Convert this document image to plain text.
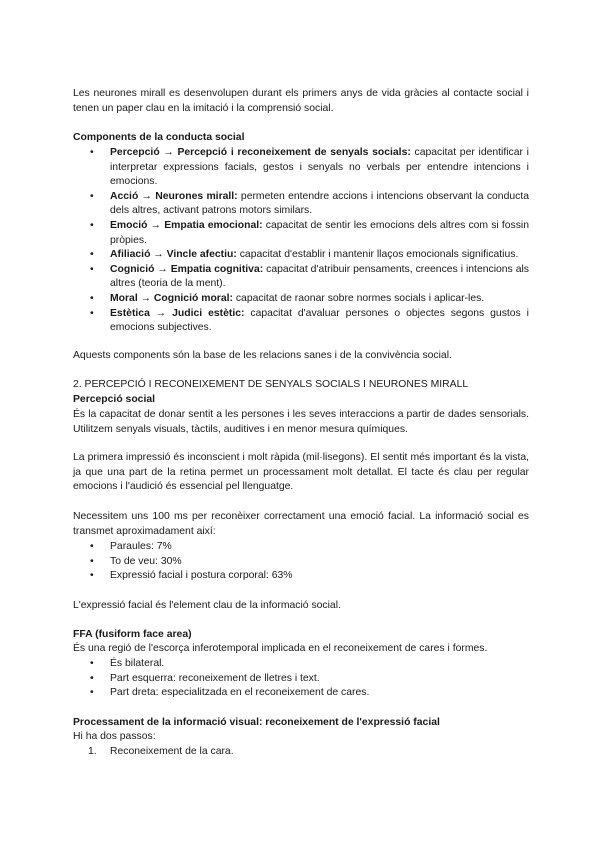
Les neurones mirall es desenvolupen durant els primers anys de vida gràcies al contacte social i tenen un paper clau en la imitació i la comprensió social.

Components de la conducta social

• Percepció → Percepció i reconeixement de senyals socials: capacitat per identificar i interpretar expressions facials, gestos i senyals no verbals per entendre intencions i emocions.
• Acció → Neurones mirall: permeten entendre accions i intencions observant la conducta dels altres, activant patrons motors similars.
• Emoció → Empatia emocional: capacitat de sentir les emocions dels altres com si fossin pròpies.
• Afiliació → Vincle afectiu: capacitat d'establir i mantenir llaços emocionals significatius.
• Cognició → Empatia cognitiva: capacitat d'atribuir pensaments, creences i intencions als altres (teoria de la ment).
• Moral → Cognició moral: capacitat de raonar sobre normes socials i aplicar-les.
• Estètica → Judici estètic: capacitat d'avaluar persones o objectes segons gustos i emocions subjectives.

Aquests components són la base de les relacions sanes i de la convivència social.

2. PERCEPCIÓ I RECONEIXEMENT DE SENYALS SOCIALS I NEURONES MIRALL

Percepció social

És la capacitat de donar sentit a les persones i les seves interaccions a partir de dades sensorials. Utilitzem senyals visuals, tàctils, auditives i en menor mesura químiques.

La primera impressió és inconscient i molt ràpida (mil·lisegons). El sentit més important és la vista, ja que una part de la retina permet un processament molt detallat. El tacte és clau per regular emocions i l'audició és essencial pel llenguatge.

Necessitem uns 100 ms per reconèixer correctament una emoció facial. La informació social es transmet aproximadament així:

• Paraules: 7%
• To de veu: 30%
• Expressió facial i postura corporal: 63%

L'expressió facial és l'element clau de la informació social.

FFA (fusiform face area)

És una regió de l'escorça inferotemporal implicada en el reconeixement de cares i formes.

• És bilateral.
• Part esquerra: reconeixement de lletres i text.
• Part dreta: especialitzada en el reconeixement de cares.

Processament de la informació visual: reconeixement de l'expressió facial

Hi ha dos passos:

1. Reconeixement de la cara.
